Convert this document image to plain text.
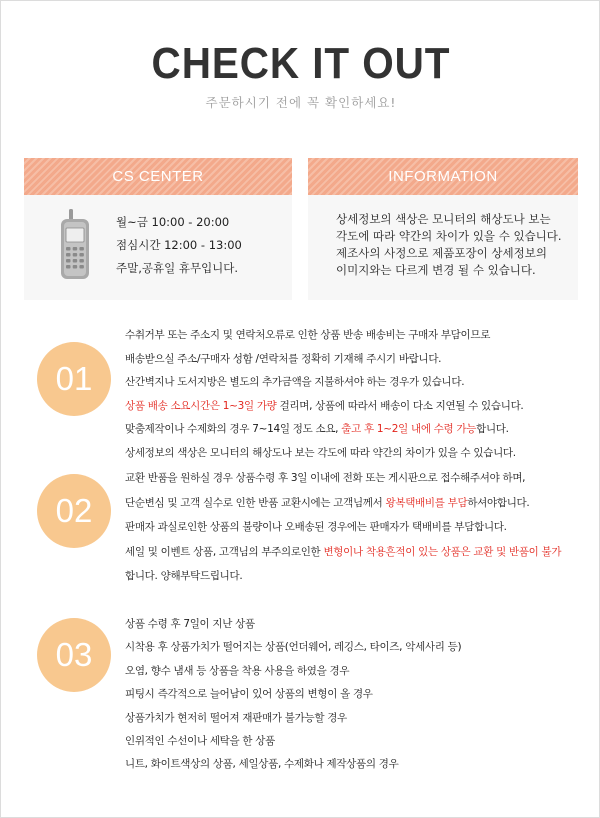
CHECK IT OUT
주문하시기 전에 꼭 확인하세요!
CS CENTER
월~금 10:00 - 20:00
점심시간 12:00 - 13:00
주말,공휴일 휴무입니다.
INFORMATION
상세정보의 색상은 모니터의 해상도나 보는
각도에 따라 약간의 차이가 있을 수 있습니다.
제조사의 사정으로 제품포장이 상세정보의
이미지와는 다르게 변경 될 수 있습니다.
01
수취거부 또는 주소지 및 연락처오류로 인한 상품 반송 배송비는 구매자 부담이므로
배송받으실 주소/구매자 성함 /연락처를 정확히 기재해 주시기 바랍니다.
산간벽지나 도서지방은 별도의 추가금액을 지불하셔야 하는 경우가 있습니다.
상품 배송 소요시간은 1~3일 가량 걸리며, 상품에 따라서 배송이 다소 지연될 수 있습니다.
맞춤제작이나 수제화의 경우 7~14일 정도 소요, 출고 후 1~2일 내에 수령 가능합니다.
상세정보의 색상은 모니터의 해상도나 보는 각도에 따라 약간의 차이가 있을 수 있습니다.
02
교환 반품을 원하실 경우 상품수령 후 3일 이내에 전화 또는 게시판으로 접수해주셔야 하며,
단순변심 및 고객 실수로 인한 반품 교환시에는 고객님께서 왕복택배비를 부담하셔야합니다.
판매자 과실로인한 상품의 불량이나 오배송된 경우에는 판매자가 택배비를 부담합니다.
세일 및 이벤트 상품, 고객님의 부주의로인한 변형이나 착용흔적이 있는 상품은 교환 및 반품이 불가
합니다. 양해부탁드립니다.
03
상품 수령 후 7일이 지난 상품
시착용 후 상품가치가 떨어지는 상품(언더웨어, 레깅스, 타이즈, 악세사리 등)
오염, 향수 냄새 등 상품을 착용 사용을 하였을 경우
피팅시 즉각적으로 늘어남이 있어 상품의 변형이 올 경우
상품가치가 현저히 떨어져 재판매가 불가능할 경우
인위적인 수선이나 세탁을 한 상품
니트, 화이트색상의 상품, 세일상품, 수제화나 제작상품의 경우
